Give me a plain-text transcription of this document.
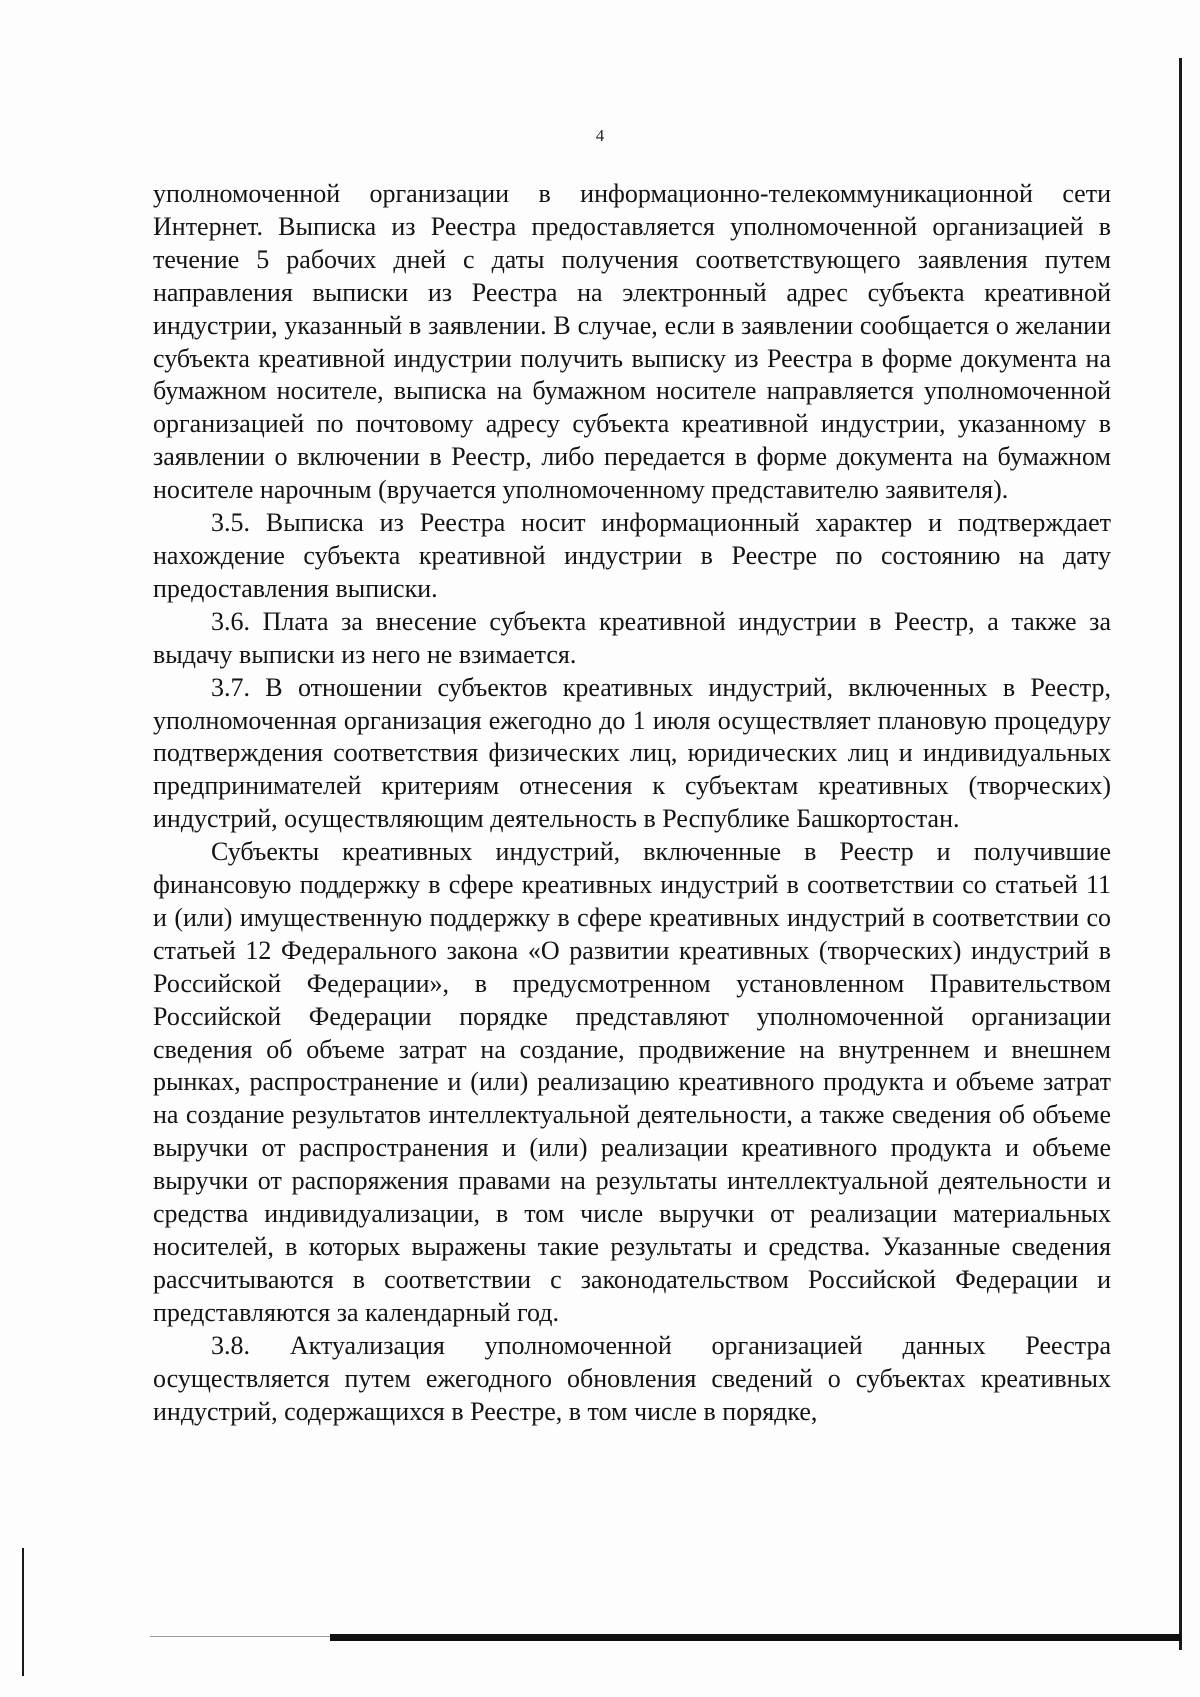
4

уполномоченной организации в информационно-телекоммуникационной сети Интернет. Выписка из Реестра предоставляется уполномоченной организацией в течение 5 рабочих дней с даты получения соответствующего заявления путем направления выписки из Реестра на электронный адрес субъекта креативной индустрии, указанный в заявлении. В случае, если в заявлении сообщается о желании субъекта креативной индустрии получить выписку из Реестра в форме документа на бумажном носителе, выписка на бумажном носителе направляется уполномоченной организацией по почтовому адресу субъекта креативной индустрии, указанному в заявлении о включении в Реестр, либо передается в форме документа на бумажном носителе нарочным (вручается уполномоченному представителю заявителя).

3.5. Выписка из Реестра носит информационный характер и подтверждает нахождение субъекта креативной индустрии в Реестре по состоянию на дату предоставления выписки.

3.6. Плата за внесение субъекта креативной индустрии в Реестр, а также за выдачу выписки из него не взимается.

3.7. В отношении субъектов креативных индустрий, включенных в Реестр, уполномоченная организация ежегодно до 1 июля осуществляет плановую процедуру подтверждения соответствия физических лиц, юридических лиц и индивидуальных предпринимателей критериям отнесения к субъектам креативных (творческих) индустрий, осуществляющим деятельность в Республике Башкортостан.

Субъекты креативных индустрий, включенные в Реестр и получившие финансовую поддержку в сфере креативных индустрий в соответствии со статьей 11 и (или) имущественную поддержку в сфере креативных индустрий в соответствии со статьей 12 Федерального закона «О развитии креативных (творческих) индустрий в Российской Федерации», в предусмотренном установленном Правительством Российской Федерации порядке представляют уполномоченной организации сведения об объеме затрат на создание, продвижение на внутреннем и внешнем рынках, распространение и (или) реализацию креативного продукта и объеме затрат на создание результатов интеллектуальной деятельности, а также сведения об объеме выручки от распространения и (или) реализации креативного продукта и объеме выручки от распоряжения правами на результаты интеллектуальной деятельности и средства индивидуализации, в том числе выручки от реализации материальных носителей, в которых выражены такие результаты и средства. Указанные сведения рассчитываются в соответствии с законодательством Российской Федерации и представляются за календарный год.

3.8. Актуализация уполномоченной организацией данных Реестра осуществляется путем ежегодного обновления сведений о субъектах креативных индустрий, содержащихся в Реестре, в том числе в порядке,
